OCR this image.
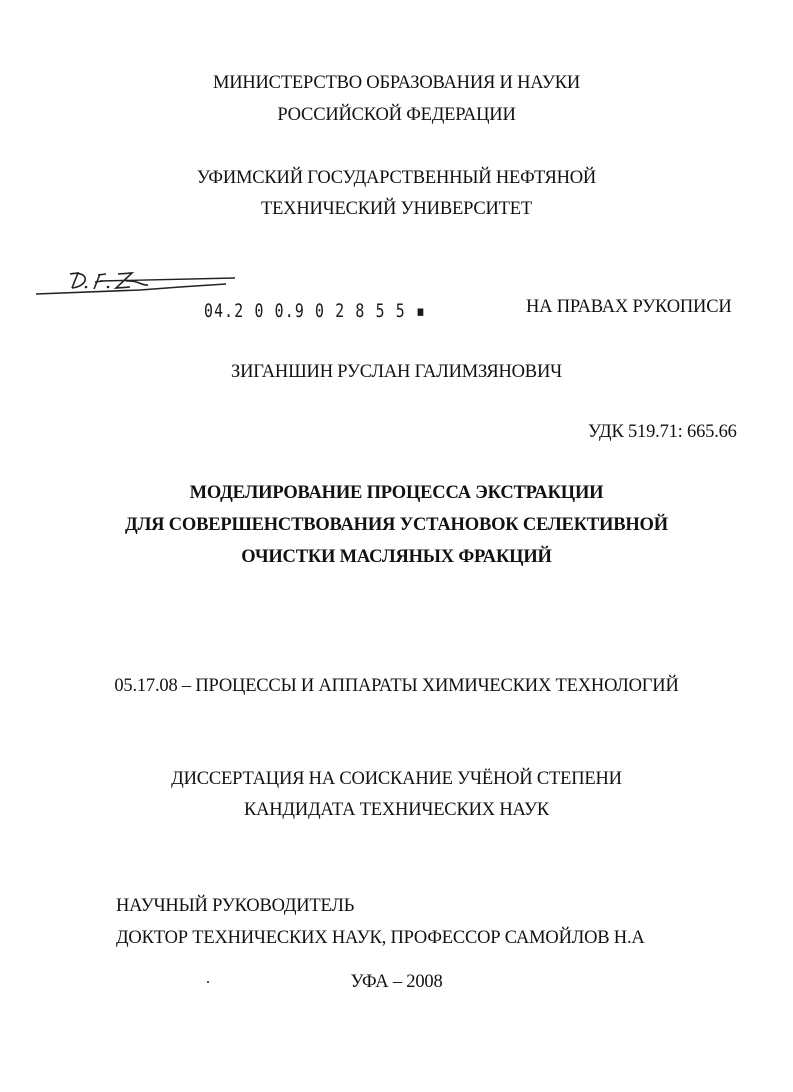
МИНИСТЕРСТВО ОБРАЗОВАНИЯ И НАУКИ
РОССИЙСКОЙ ФЕДЕРАЦИИ
УФИМСКИЙ ГОСУДАРСТВЕННЫЙ НЕФТЯНОЙ
ТЕХНИЧЕСКИЙ УНИВЕРСИТЕТ
04.2 0 0.9 0 2 8 5 5 ▪	НА ПРАВАХ РУКОПИСИ
ЗИГАНШИН РУСЛАН ГАЛИМЗЯНОВИЧ
УДК 519.71: 665.66
МОДЕЛИРОВАНИЕ ПРОЦЕССА ЭКСТРАКЦИИ
ДЛЯ СОВЕРШЕНСТВОВАНИЯ УСТАНОВОК СЕЛЕКТИВНОЙ
ОЧИСТКИ МАСЛЯНЫХ ФРАКЦИЙ
05.17.08 – ПРОЦЕССЫ И АППАРАТЫ ХИМИЧЕСКИХ ТЕХНОЛОГИЙ
ДИССЕРТАЦИЯ НА СОИСКАНИЕ УЧЁНОЙ СТЕПЕНИ
КАНДИДАТА ТЕХНИЧЕСКИХ НАУК
НАУЧНЫЙ РУКОВОДИТЕЛЬ
ДОКТОР ТЕХНИЧЕСКИХ НАУК, ПРОФЕССОР САМОЙЛОВ Н.А
УФА – 2008
